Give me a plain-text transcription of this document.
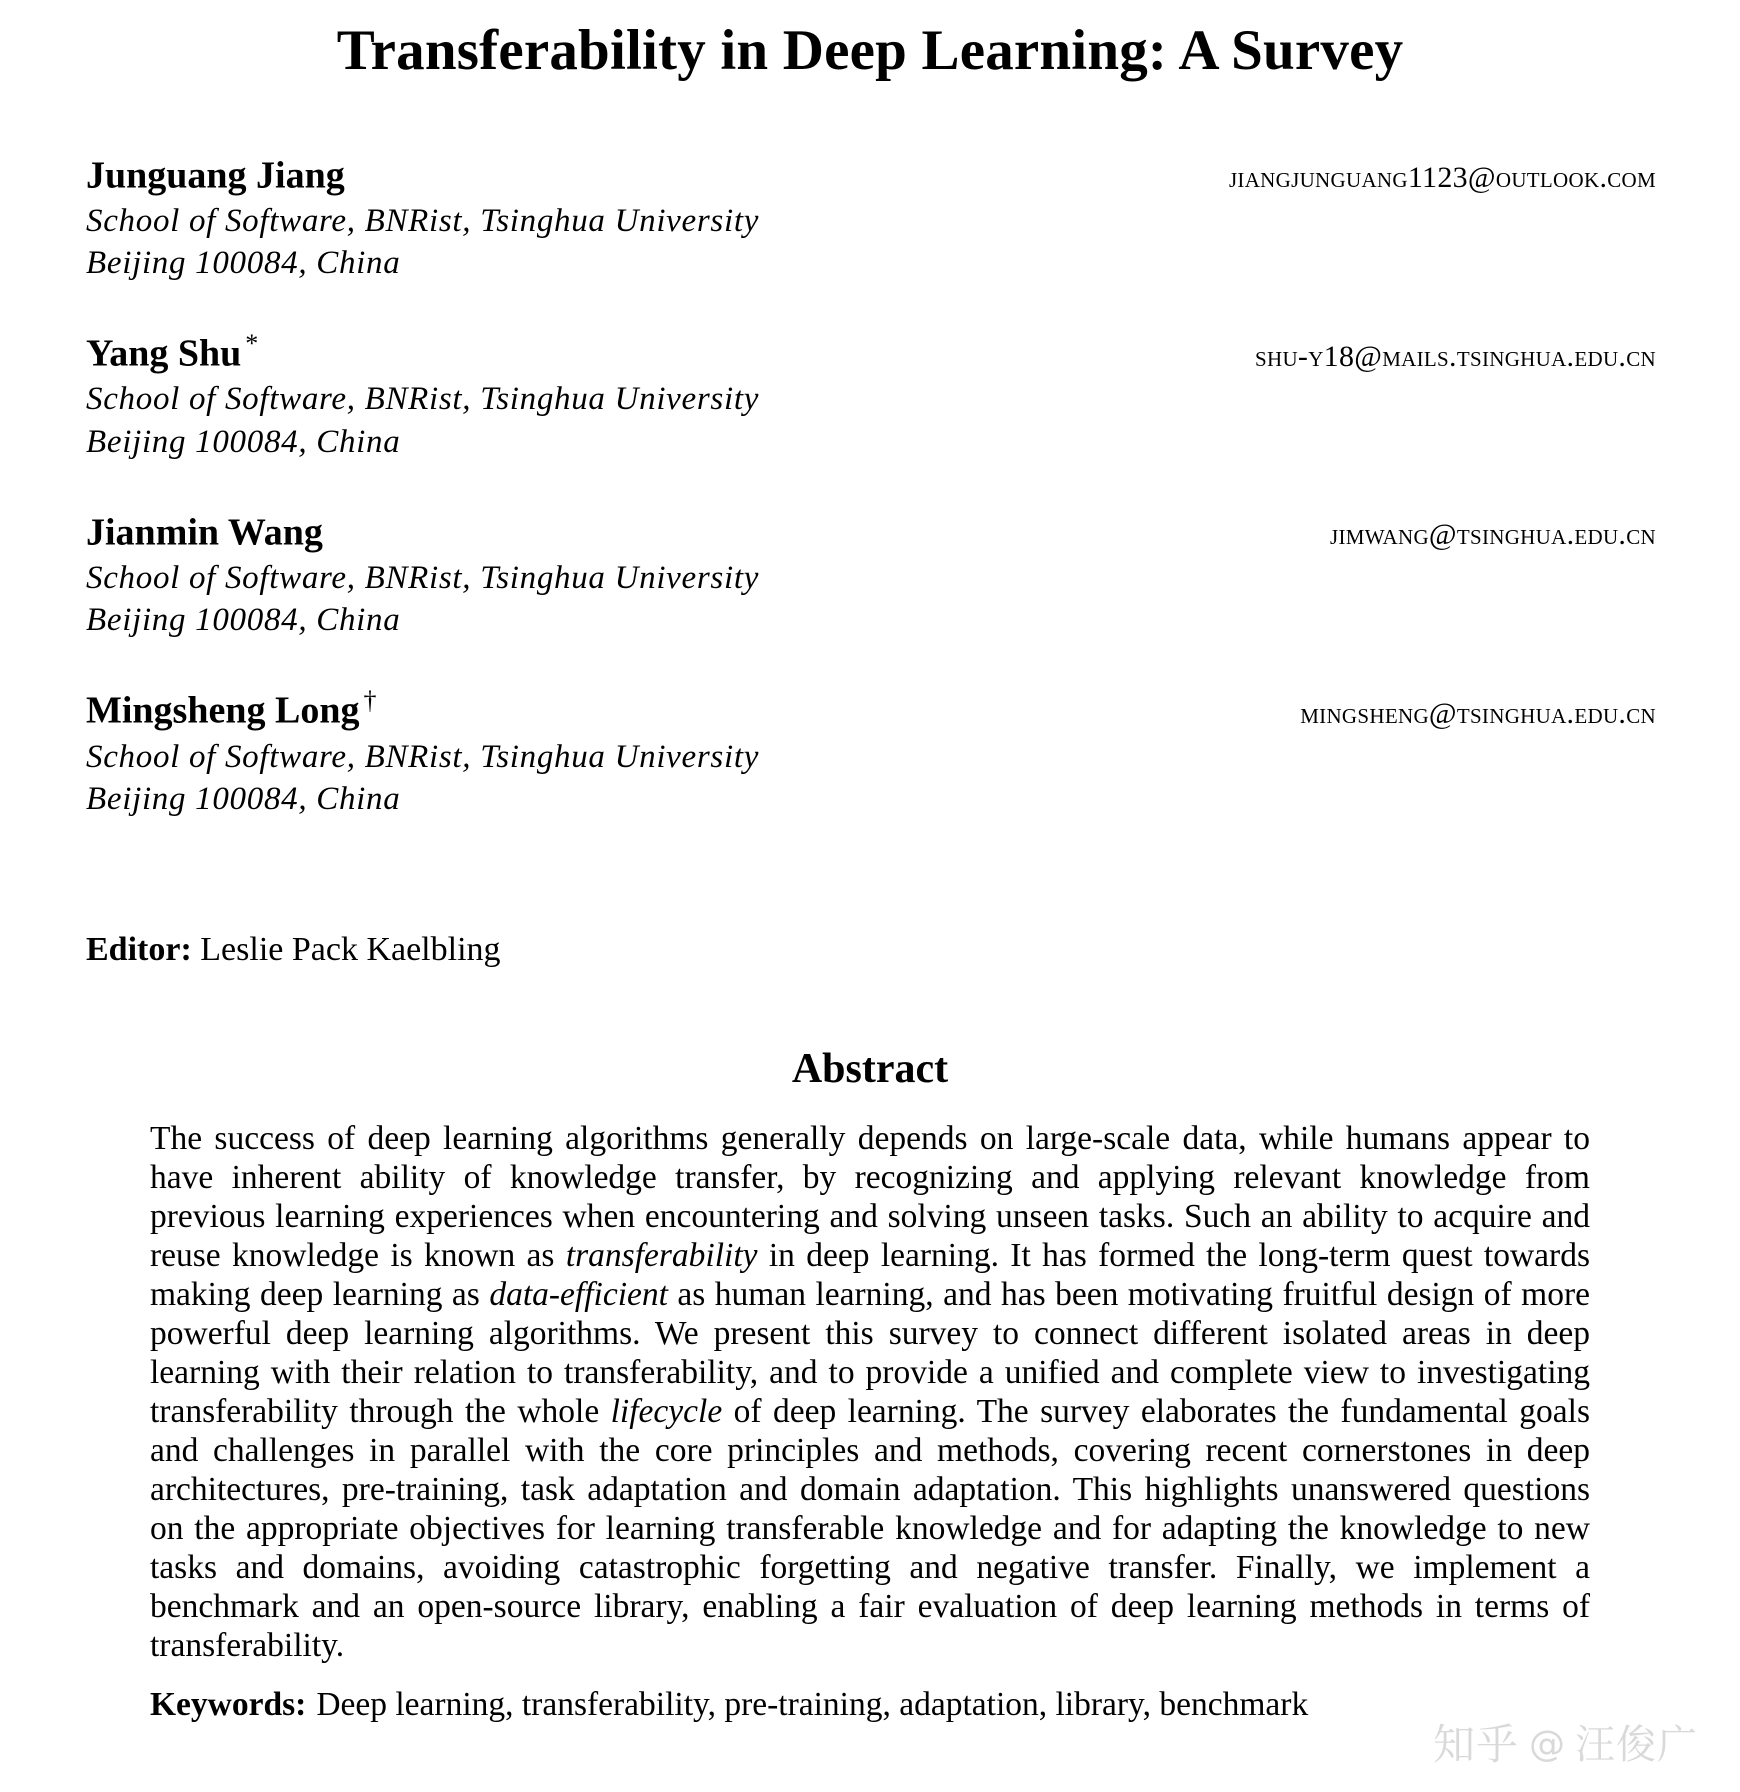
Transferability in Deep Learning: A Survey
Junguang Jiang	jiangjunguang1123@outlook.com
School of Software, BNRist, Tsinghua University
Beijing 100084, China
Yang Shu *	shu-y18@mails.tsinghua.edu.cn
School of Software, BNRist, Tsinghua University
Beijing 100084, China
Jianmin Wang	jimwang@tsinghua.edu.cn
School of Software, BNRist, Tsinghua University
Beijing 100084, China
Mingsheng Long †	mingsheng@tsinghua.edu.cn
School of Software, BNRist, Tsinghua University
Beijing 100084, China
Editor: Leslie Pack Kaelbling
Abstract

The success of deep learning algorithms generally depends on large-scale data, while humans appear to have inherent ability of knowledge transfer, by recognizing and applying relevant knowledge from previous learning experiences when encountering and solving unseen tasks. Such an ability to acquire and reuse knowledge is known as transferability in deep learning. It has formed the long-term quest towards making deep learning as data-efficient as human learning, and has been motivating fruitful design of more powerful deep learning algorithms. We present this survey to connect different isolated areas in deep learning with their relation to transferability, and to provide a unified and complete view to investigating transferability through the whole lifecycle of deep learning. The survey elaborates the fundamental goals and challenges in parallel with the core principles and methods, covering recent cornerstones in deep architectures, pre-training, task adaptation and domain adaptation. This highlights unanswered questions on the appropriate objectives for learning transferable knowledge and for adapting the knowledge to new tasks and domains, avoiding catastrophic forgetting and negative transfer. Finally, we implement a benchmark and an open-source library, enabling a fair evaluation of deep learning methods in terms of transferability.

Keywords: Deep learning, transferability, pre-training, adaptation, library, benchmark
知乎 @ 汪俊广
